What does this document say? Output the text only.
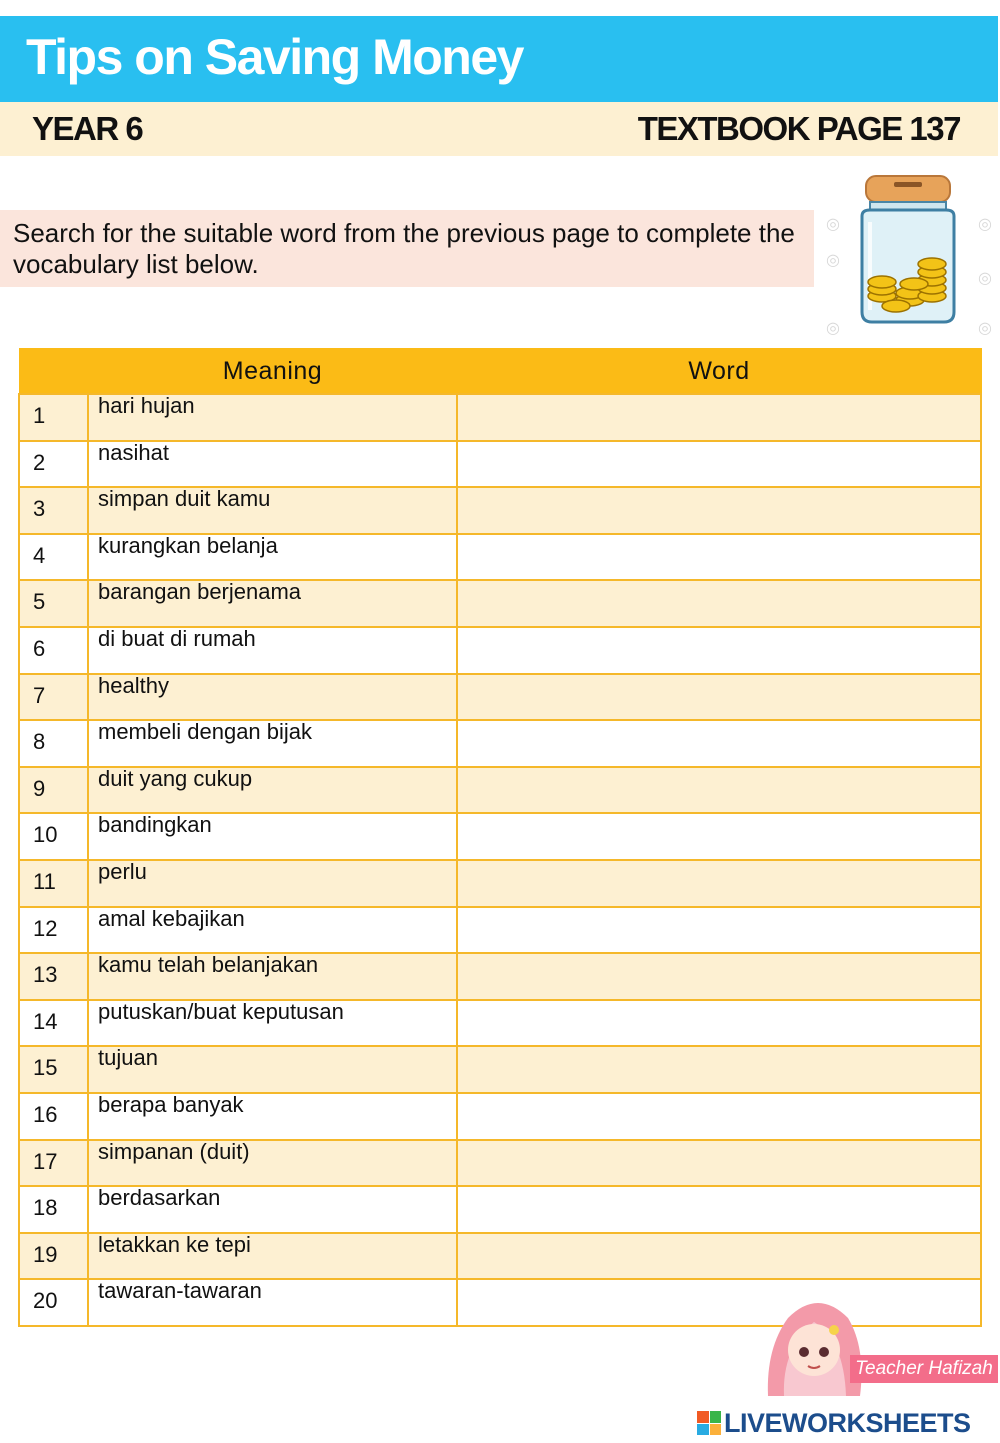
Tips on Saving Money
YEAR 6	TEXTBOOK PAGE 137

Search for the suitable word from the previous page to complete the vocabulary list below.

◎
◎
◎
◎
◎
◎
	Meaning	Word
1	hari hujan	
2	nasihat	
3	simpan duit kamu	
4	kurangkan belanja	
5	barangan berjenama	
6	di buat di rumah	
7	healthy	
8	membeli dengan bijak	
9	duit yang cukup	
10	bandingkan	
11	perlu	
12	amal kebajikan	
13	kamu telah belanjakan	
14	putuskan/buat keputusan	
15	tujuan	
16	berapa banyak	
17	simpanan (duit)	
18	berdasarkan	
19	letakkan ke tepi	
20	tawaran-tawaran	
Teacher Hafizah
LIVEWORKSHEETS
